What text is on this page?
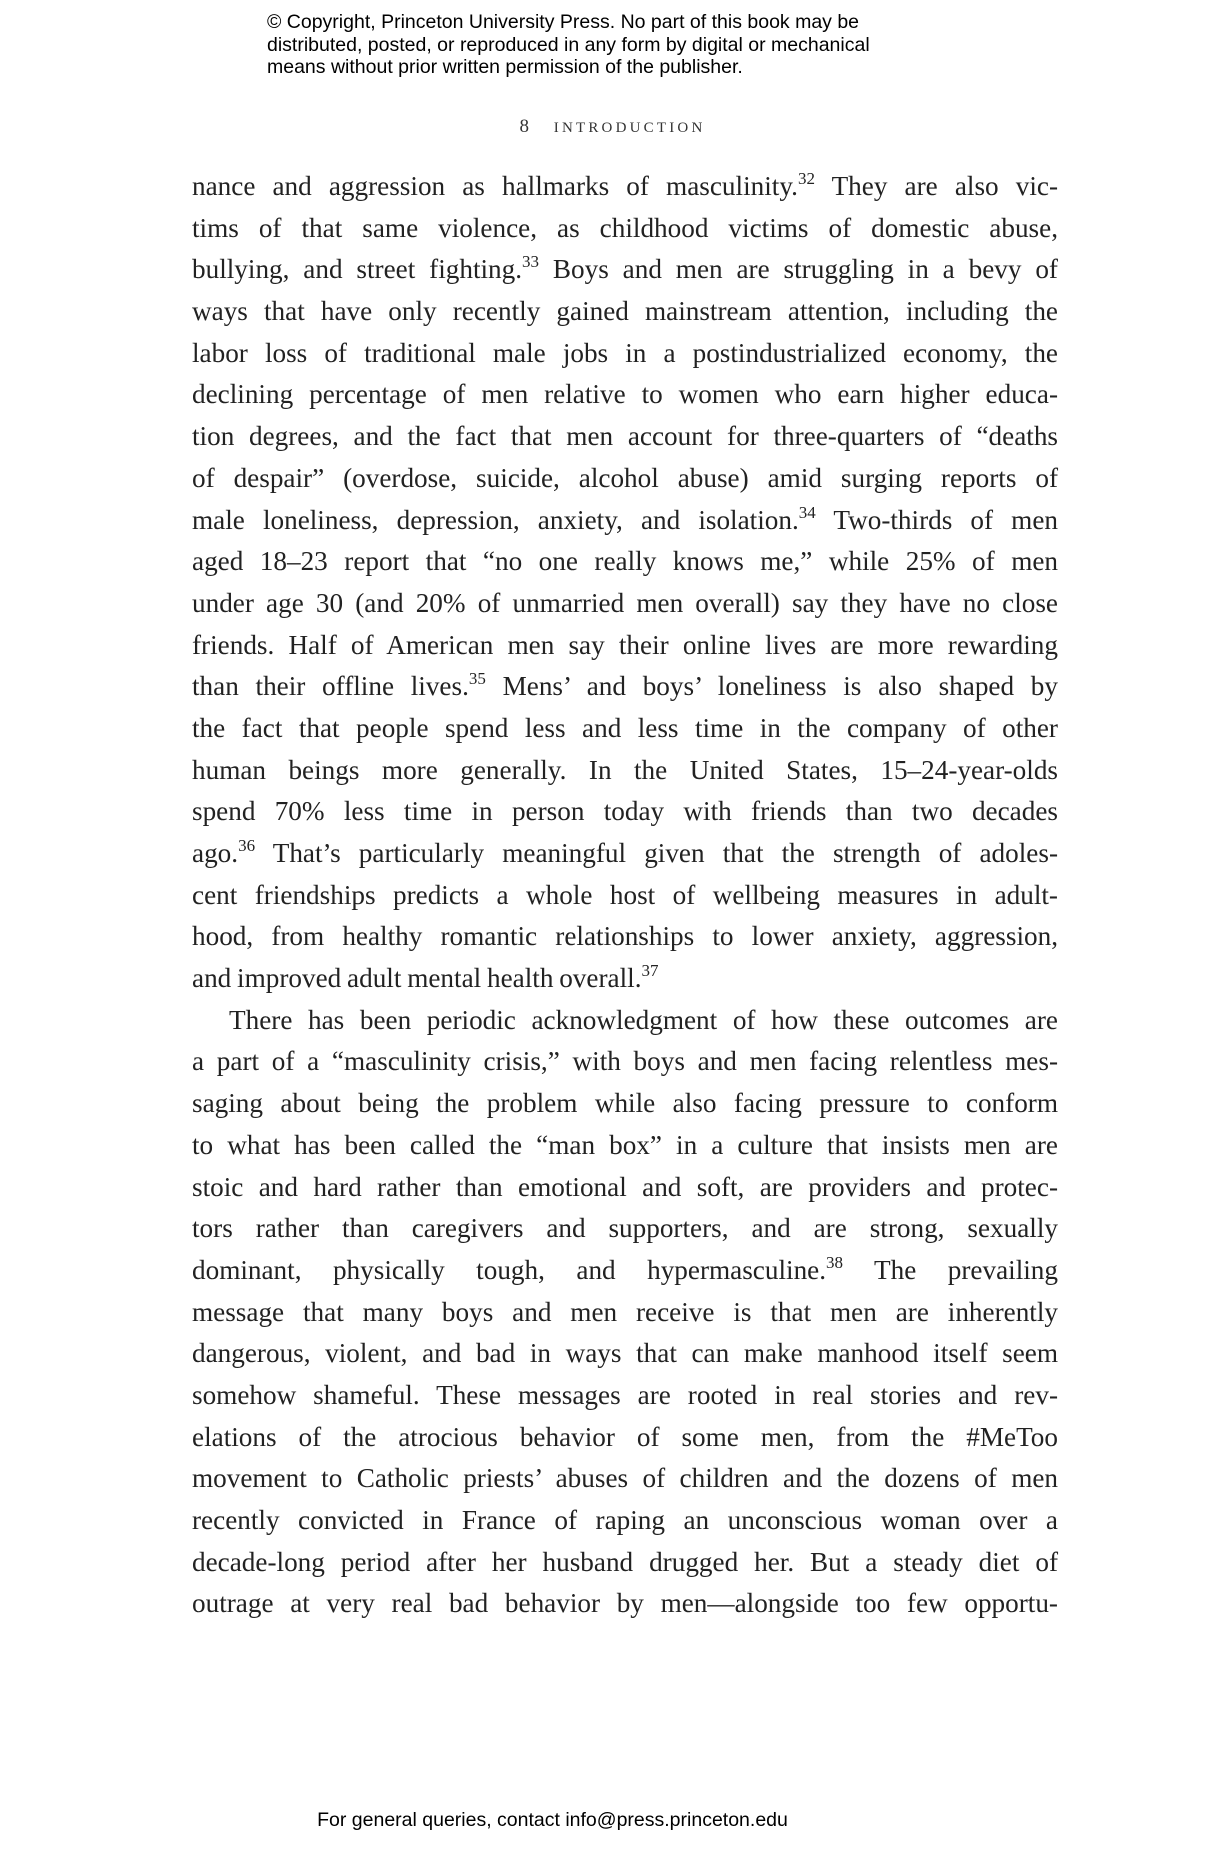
© Copyright, Princeton University Press. No part of this book may be
distributed, posted, or reproduced in any form by digital or mechanical
means without prior written permission of the publisher.
8 introduction
nance and aggression as hallmarks of masculinity.$^{32}$ They are also vic-
tims of that same violence, as childhood victims of domestic abuse,
bullying, and street fighting.$^{33}$ Boys and men are struggling in a bevy of
ways that have only recently gained mainstream attention, including the
labor loss of traditional male jobs in a postindustrialized economy, the
declining percentage of men relative to women who earn higher educa-
tion degrees, and the fact that men account for three-quarters of “deaths
of despair” (overdose, suicide, alcohol abuse) amid surging reports of
male loneliness, depression, anxiety, and isolation.$^{34}$ Two-thirds of men
aged 18–23 report that “no one really knows me,” while 25% of men
under age 30 (and 20% of unmarried men overall) say they have no close
friends. Half of American men say their online lives are more rewarding
than their offline lives.$^{35}$ Mens’ and boys’ loneliness is also shaped by
the fact that people spend less and less time in the company of other
human beings more generally. In the United States, 15–24-year-olds
spend 70% less time in person today with friends than two decades
ago.$^{36}$ That’s particularly meaningful given that the strength of adoles-
cent friendships predicts a whole host of wellbeing measures in adult-
hood, from healthy romantic relationships to lower anxiety, aggression,
and improved adult mental health overall.$^{37}$
There has been periodic acknowledgment of how these outcomes are
a part of a “masculinity crisis,” with boys and men facing relentless mes-
saging about being the problem while also facing pressure to conform
to what has been called the “man box” in a culture that insists men are
stoic and hard rather than emotional and soft, are providers and protec-
tors rather than caregivers and supporters, and are strong, sexually
dominant, physically tough, and hypermasculine.$^{38}$ The prevailing
message that many boys and men receive is that men are inherently
dangerous, violent, and bad in ways that can make manhood itself seem
somehow shameful. These messages are rooted in real stories and rev-
elations of the atrocious behavior of some men, from the #MeToo
movement to Catholic priests’ abuses of children and the dozens of men
recently convicted in France of raping an unconscious woman over a
decade-long period after her husband drugged her. But a steady diet of
outrage at very real bad behavior by men—alongside too few opportu-
For general queries, contact info@press.princeton.edu
